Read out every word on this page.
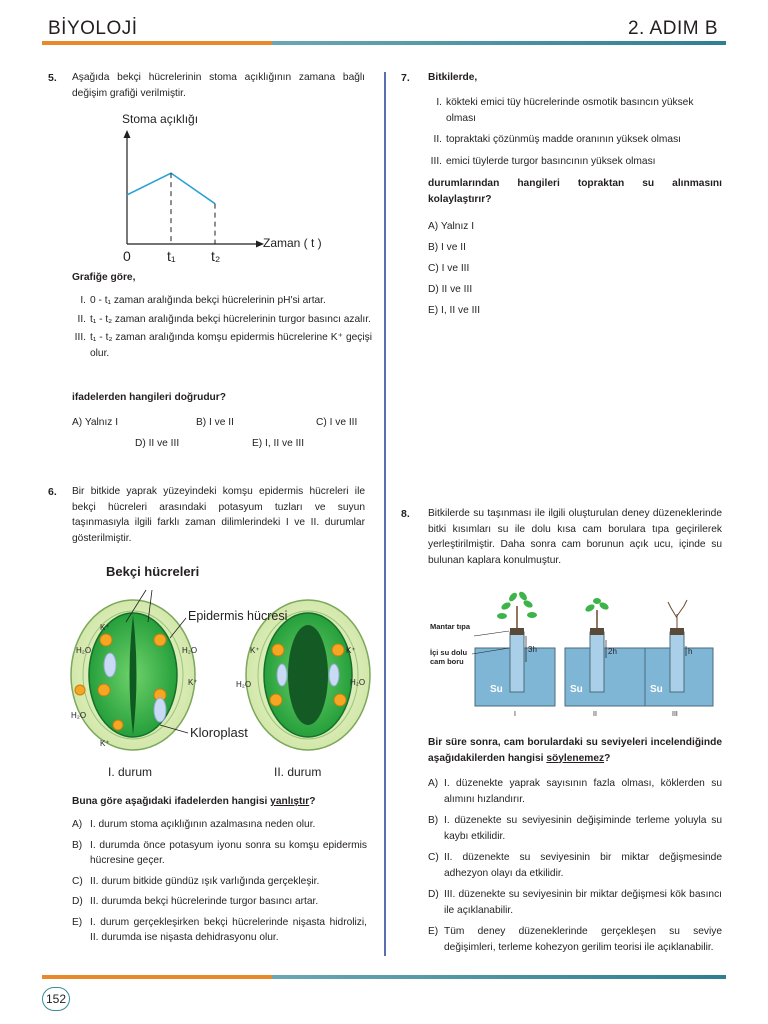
BİYOLOJİ	2. ADIM B
5. Aşağıda bekçi hücrelerinin stoma açıklığının zamana bağlı değişim grafiği verilmiştir.
Stoma açıklığı
Zaman ( t )
0	t₁	t₂
Grafiğe göre,
I. 0 - t₁ zaman aralığında bekçi hücrelerinin pH'si artar.
II. t₁ - t₂ zaman aralığında bekçi hücrelerinin turgor basıncı azalır.
III. t₁ - t₂ zaman aralığında komşu epidermis hücrelerine K⁺ geçişi olur.
ifadelerden hangileri doğrudur?
A) Yalnız I	B) I ve II	C) I ve III
D) II ve III	E) I, II ve III
6. Bir bitkide yaprak yüzeyindeki komşu epidermis hücreleri ile bekçi hücreleri arasındaki potasyum tuzları ve suyun taşınmasıyla ilgili farklı zaman dilimlerindeki I ve II. durumlar gösterilmiştir.
Bekçi hücreleri
Epidermis hücresi
Kloroplast
K⁺
H₂O	H₂O
K⁺
H₂O
K⁺
K⁺	K⁺
H₂O	H₂O
I. durum	II. durum
Buna göre aşağıdaki ifadelerden hangisi yanlıştır?
A) I. durum stoma açıklığının azalmasına neden olur.
B) I. durumda önce potasyum iyonu sonra su komşu epidermis hücresine geçer.
C) II. durum bitkide gündüz ışık varlığında gerçekleşir.
D) II. durumda bekçi hücrelerinde turgor basıncı artar.
E) I. durum gerçekleşirken bekçi hücrelerinde nişasta hidrolizi, II. durumda ise nişasta dehidrasyonu olur.
7. Bitkilerde,
I. kökteki emici tüy hücrelerinde osmotik basıncın yüksek olması
II. topraktaki çözünmüş madde oranının yüksek olması
III. emici tüylerde turgor basıncının yüksek olması
durumlarından hangileri topraktan su alınmasını kolaylaştırır?
A) Yalnız I
B) I ve II
C) I ve III
D) II ve III
E) I, II ve III
8. Bitkilerde su taşınması ile ilgili oluşturulan deney düzeneklerinde bitki kısımları su ile dolu kısa cam borulara tıpa geçirilerek yerleştirilmiştir. Daha sonra cam borunun açık ucu, içinde su bulunan kaplara konulmuştur.
3h
Su
I
2h
Su
II
h
Su
III
Mantar tıpa
İçi su dolu cam boru
Bir süre sonra, cam borulardaki su seviyeleri incelendiğinde aşağıdakilerden hangisi söylenemez?
A) I. düzenekte yaprak sayısının fazla olması, köklerden su alımını hızlandırır.
B) I. düzenekte su seviyesinin değişiminde terleme yoluyla su kaybı etkilidir.
C) II. düzenekte su seviyesinin bir miktar değişmesinde adhezyon olayı da etkilidir.
D) III. düzenekte su seviyesinin bir miktar değişmesi kök basıncı ile açıklanabilir.
E) Tüm deney düzeneklerinde gerçekleşen su seviye değişimleri, terleme kohezyon gerilim teorisi ile açıklanabilir.
152
